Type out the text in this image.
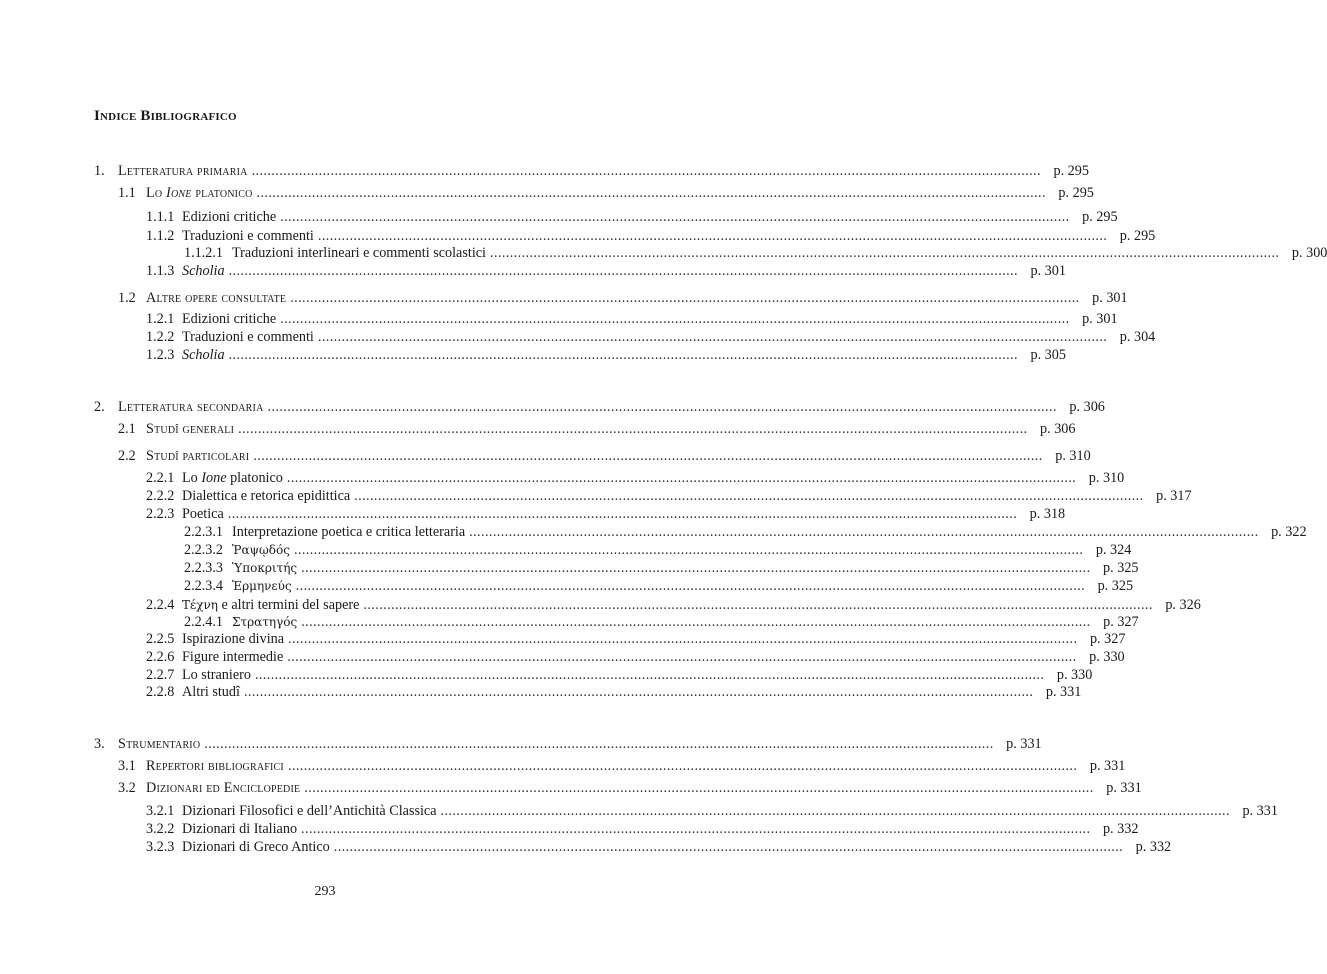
Indice Bibliografico
1. Letteratura primaria ........................................................................................................................................................................................................ p. 295
1.1 Lo Ione platonico ........................................................................................................................................................................................................ p. 295
1.1.1 Edizioni critiche ........................................................................................................................................................................................................ p. 295
1.1.2 Traduzioni e commenti ........................................................................................................................................................................................................ p. 295
1.1.2.1 Traduzioni interlineari e commenti scolastici ........................................................................................................................................................................................................ p. 300
1.1.3 Scholia ........................................................................................................................................................................................................ p. 301
1.2 Altre opere consultate ........................................................................................................................................................................................................ p. 301
1.2.1 Edizioni critiche ........................................................................................................................................................................................................ p. 301
1.2.2 Traduzioni e commenti ........................................................................................................................................................................................................ p. 304
1.2.3 Scholia ........................................................................................................................................................................................................ p. 305
2. Letteratura secondaria ........................................................................................................................................................................................................ p. 306
2.1 Studî generali ........................................................................................................................................................................................................ p. 306
2.2 Studî particolari ........................................................................................................................................................................................................ p. 310
2.2.1 Lo Ione platonico ........................................................................................................................................................................................................ p. 310
2.2.2 Dialettica e retorica epidittica ........................................................................................................................................................................................................ p. 317
2.2.3 Poetica ........................................................................................................................................................................................................ p. 318
2.2.3.1 Interpretazione poetica e critica letteraria ........................................................................................................................................................................................................ p. 322
2.2.3.2 Ῥαψῳδός ........................................................................................................................................................................................................ p. 324
2.2.3.3 Ὑποκριτής ........................................................................................................................................................................................................ p. 325
2.2.3.4 Ἑρμηνεύς ........................................................................................................................................................................................................ p. 325
2.2.4 Τέχνη e altri termini del sapere ........................................................................................................................................................................................................ p. 326
2.2.4.1 Στρατηγός ........................................................................................................................................................................................................ p. 327
2.2.5 Ispirazione divina ........................................................................................................................................................................................................ p. 327
2.2.6 Figure intermedie ........................................................................................................................................................................................................ p. 330
2.2.7 Lo straniero ........................................................................................................................................................................................................ p. 330
2.2.8 Altri studî ........................................................................................................................................................................................................ p. 331
3. Strumentario ........................................................................................................................................................................................................ p. 331
3.1 Repertori bibliografici ........................................................................................................................................................................................................ p. 331
3.2 Dizionari ed Enciclopedie ........................................................................................................................................................................................................ p. 331
3.2.1 Dizionari Filosofici e dell’Antichità Classica ........................................................................................................................................................................................................ p. 331
3.2.2 Dizionari di Italiano ........................................................................................................................................................................................................ p. 332
3.2.3 Dizionari di Greco Antico ........................................................................................................................................................................................................ p. 332
293
